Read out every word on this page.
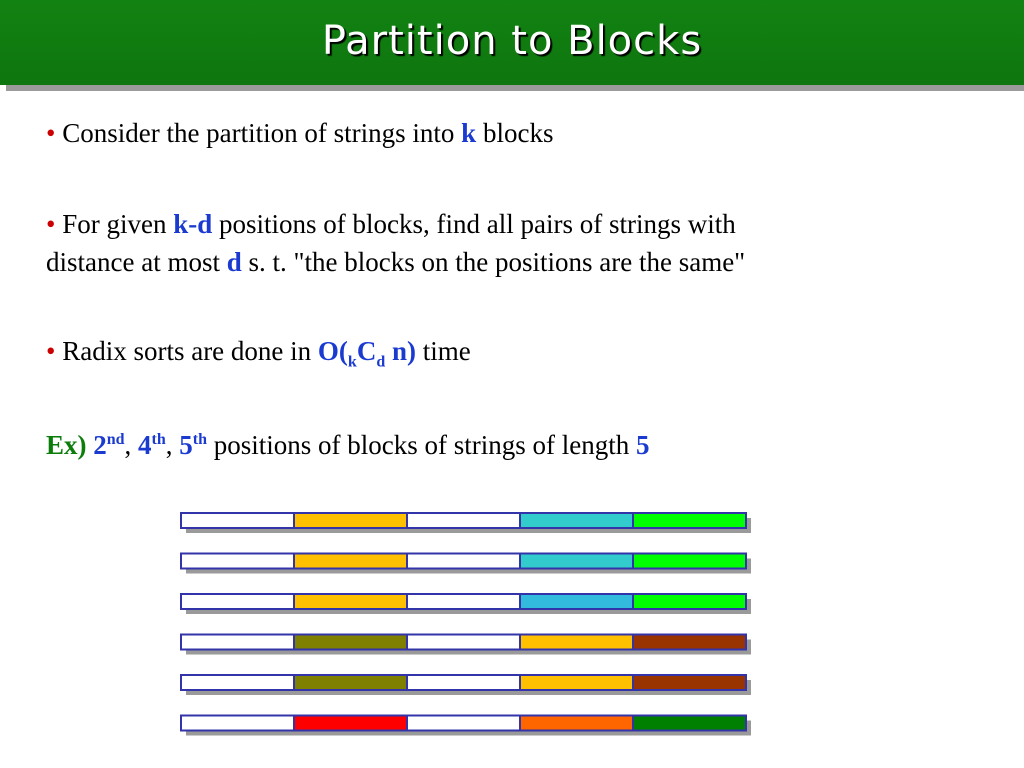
Partition to Blocks
• Consider the partition of strings into k blocks
• For given k-d positions of blocks, find all pairs of strings with
distance at most d s. t. "the blocks on the positions are the same"
• Radix sorts are done in $O(_kC_d$ n) time
Ex) 2nd, 4th, 5th positions of blocks of strings of length 5
